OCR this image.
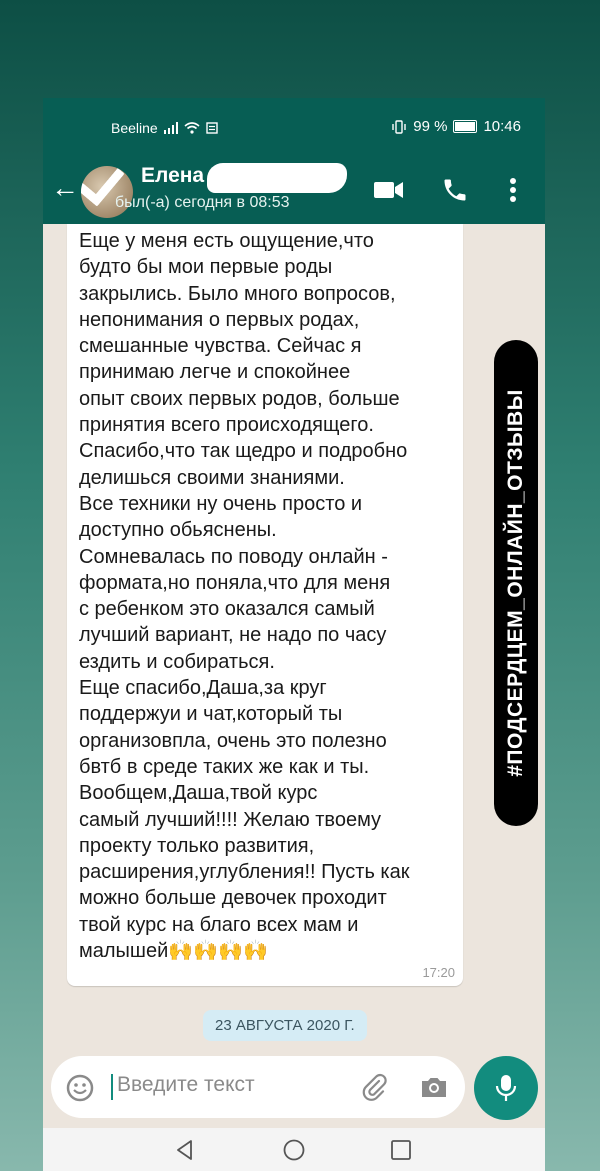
Beeline	99 % 10:46
←	Елена
был(-а) сегодня в 08:53
Еще у меня есть ощущение,что
будто бы мои первые роды
закрылись. Было много вопросов,
непонимания о первых родах,
смешанные чувства. Сейчас я
принимаю легче и спокойнее
опыт своих первых родов, больше
принятия всего происходящего.
Спасибо,что так щедро и подробно
делишься своими знаниями.
Все техники ну очень просто и
доступно обьяснены.
Сомневалась по поводу онлайн -
формата,но поняла,что для меня
с ребенком это оказался самый
лучший вариант, не надо по часу
ездить и собираться.
Еще спасибо,Даша,за круг
поддержуи и чат,который ты
организовпла, очень это полезно
бвтб в среде таких же как и ты.
Вообщем,Даша,твой курс
самый лучший!!!! Желаю твоему
проекту только развития,
расширения,углубления!! Пусть как
можно больше девочек проходит
твой курс на благо всех мам и
малышей🙌🙌🙌🙌
17:20
23 АВГУСТА 2020 Г.
Введите текст
#ПОДСЕРДЦЕМ_ОНЛАЙН_ОТЗЫВЫ
